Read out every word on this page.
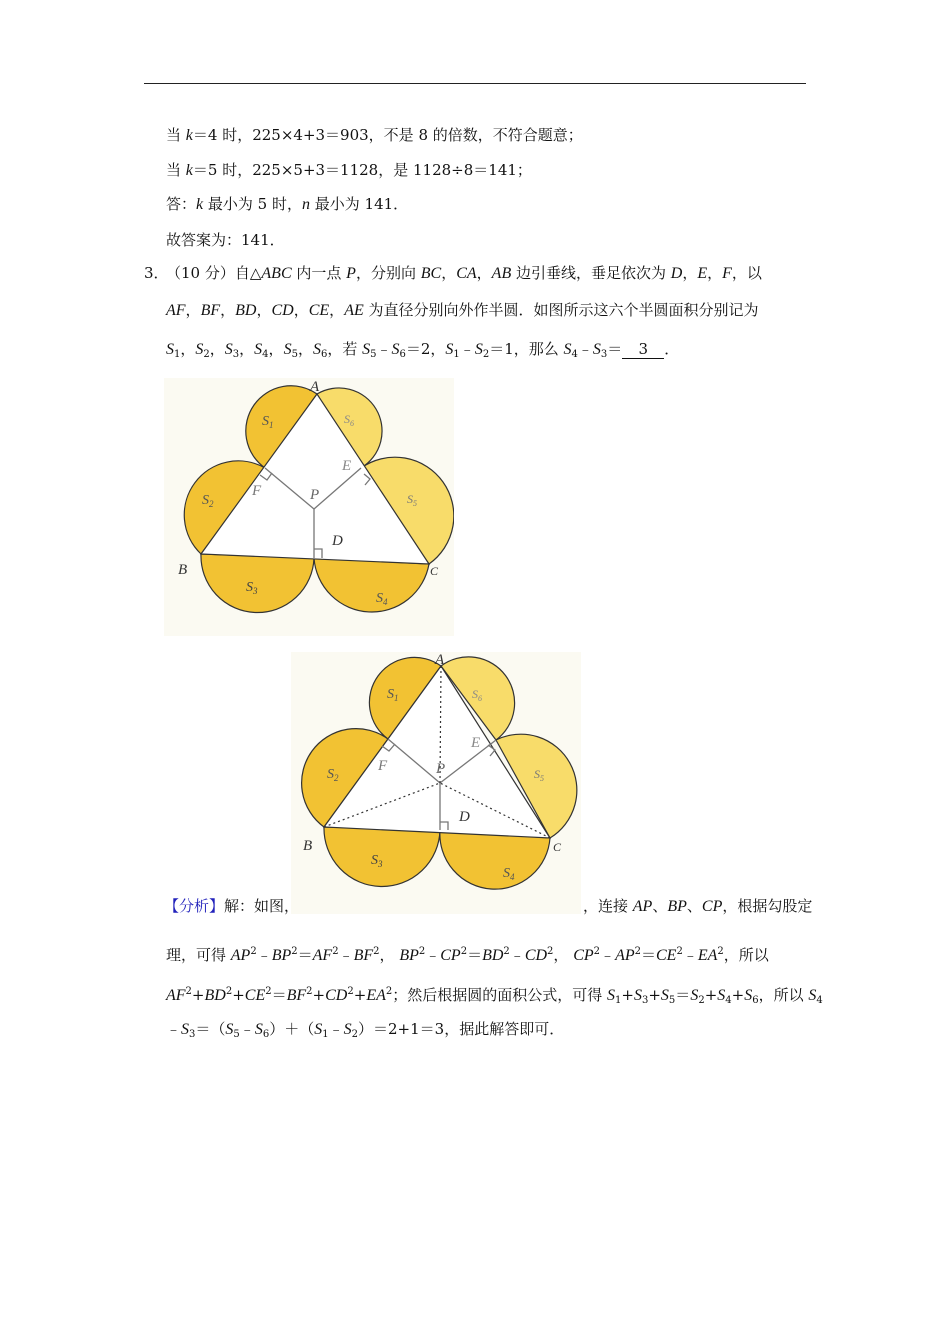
当 k＝4 时，225×4+3＝903，不是 8 的倍数，不符合题意；
当 k＝5 时，225×5+3＝1128，是 1128÷8＝141；
答：k 最小为 5 时，n 最小为 141．
故答案为：141．
3．
（10 分）自△ABC 内一点 P，分别向 BC，CA，AB 边引垂线，垂足依次为 D，E，F，以
AF，BF，BD，CD，CE，AE 为直径分别向外作半圆．如图所示这六个半圆面积分别记为
$S_1$，$S_2$，$S_3$，$S_4$，$S_5$，$S_6$，若 $S_5﹣S_6=2$，$S_1﹣S_2=1$，那么 $S_4﹣S_3= 3$ ．
A
B	C
D
E
F	P
$S_1$	$S_6$
$S_2$	$S_5$
$S_3$	$S_4$
A
B	C
D
E
F	P
$S_1$	$S_6$
$S_2$	$S_5$
$S_3$
$S_4$
【分析】解：如图，	，连接 AP、BP、CP，根据勾股定
理，可得 $AP^2﹣BP^2=AF^2﹣BF^2$， $BP^2﹣CP^2=BD^2﹣CD^2$， $CP^2﹣AP^2=CE^2﹣EA^2$，所以
$AF^2+BD^2+CE^2=BF^2+CD^2+EA^2$；然后根据圆的面积公式，可得 $S_1+S_3+S_5=S_2+S_4+S_6$，所以 $S_4$
$﹣S_3=(S_5﹣S_6)+(S_1﹣S_2)=2+1=3$，据此解答即可．
